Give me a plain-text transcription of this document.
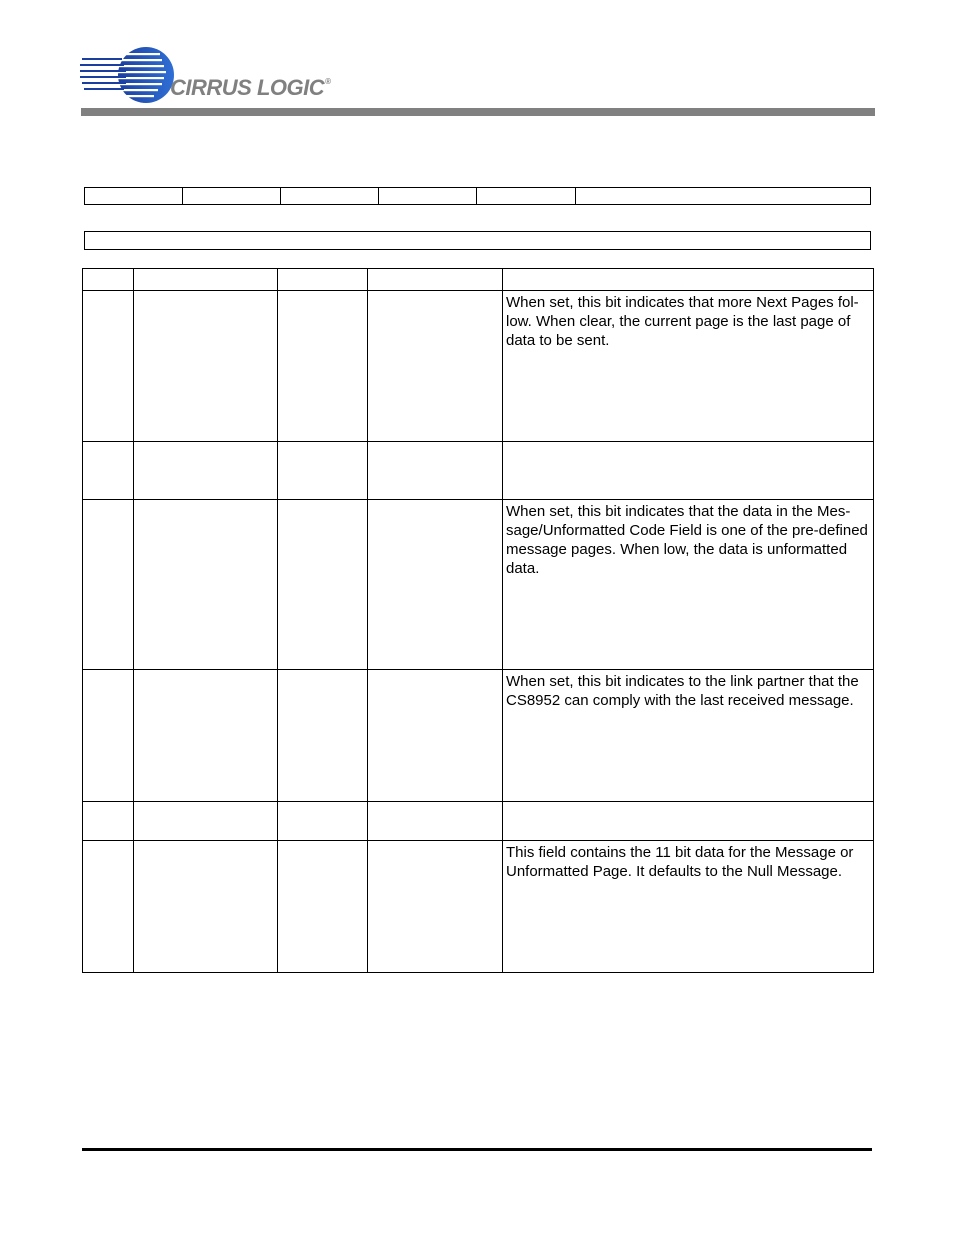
CIRRUS LOGIC®

				When set, this bit indicates that more Next Pages fol-low. When clear, the current page is the last page of data to be sent.

				When set, this bit indicates that the data in the Mes-sage/Unformatted Code Field is one of the pre-defined message pages. When low, the data is unformatted data.
				When set, this bit indicates to the link partner that the CS8952 can comply with the last received message.

				This field contains the 11 bit data for the Message or Unformatted Page. It defaults to the Null Message.
